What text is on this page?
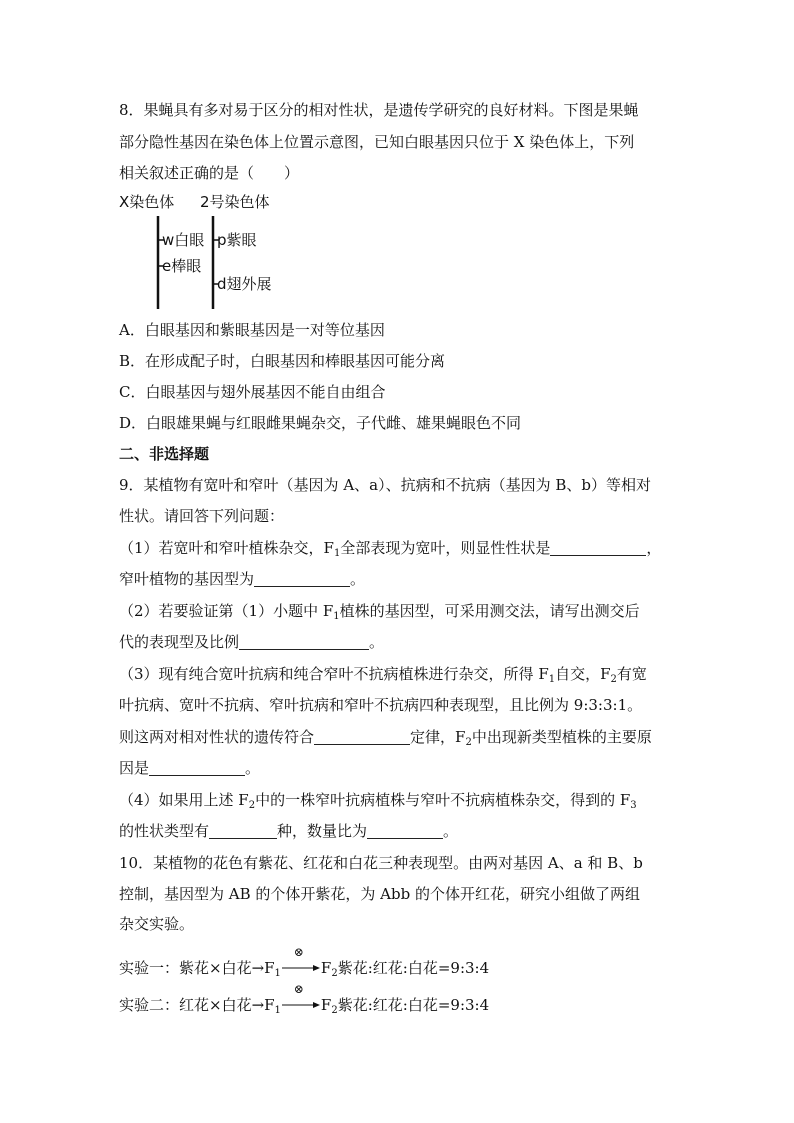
8．果蝇具有多对易于区分的相对性状，是遗传学研究的良好材料。下图是果蝇
部分隐性基因在染色体上位置示意图，已知白眼基因只位于 X 染色体上，下列
相关叙述正确的是（　　）
X染色体 2号染色体
w白眼
e棒眼
p紫眼
d翅外展
A．白眼基因和紫眼基因是一对等位基因
B．在形成配子时，白眼基因和棒眼基因可能分离
C．白眼基因与翅外展基因不能自由组合
D．白眼雄果蝇与红眼雌果蝇杂交，子代雌、雄果蝇眼色不同
二、非选择题
9．某植物有宽叶和窄叶（基因为 A、a）、抗病和不抗病（基因为 B、b）等相对
性状。请回答下列问题：
（1）若宽叶和窄叶植株杂交，$F_1$全部表现为宽叶，则显性性状是	，
窄叶植物的基因型为	。
（2）若要验证第（1）小题中 $F_1$植株的基因型，可采用测交法，请写出测交后
代的表现型及比例	。
（3）现有纯合宽叶抗病和纯合窄叶不抗病植株进行杂交，所得 $F_1$自交，$F_2$有宽
叶抗病、宽叶不抗病、窄叶抗病和窄叶不抗病四种表现型，且比例为 9:3:3:1。
则这两对相对性状的遗传符合	定律，$F_2$中出现新类型植株的主要原
因是	。
（4）如果用上述 $F_2$中的一株窄叶抗病植株与窄叶不抗病植株杂交，得到的 $F_3$
的性状类型有	种，数量比为	。
10．某植物的花色有紫花、红花和白花三种表现型。由两对基因 A、a 和 B、b
控制，基因型为 AB 的个体开紫花，为 Abb 的个体开红花，研究小组做了两组
杂交实验。
实验一：紫花×白花$\to F_1$
⊗
$F_2$紫花:红花:白花=9:3:4
实验二：红花×白花$\to F_1$
⊗
$F_2$紫花:红花:白花=9:3:4
